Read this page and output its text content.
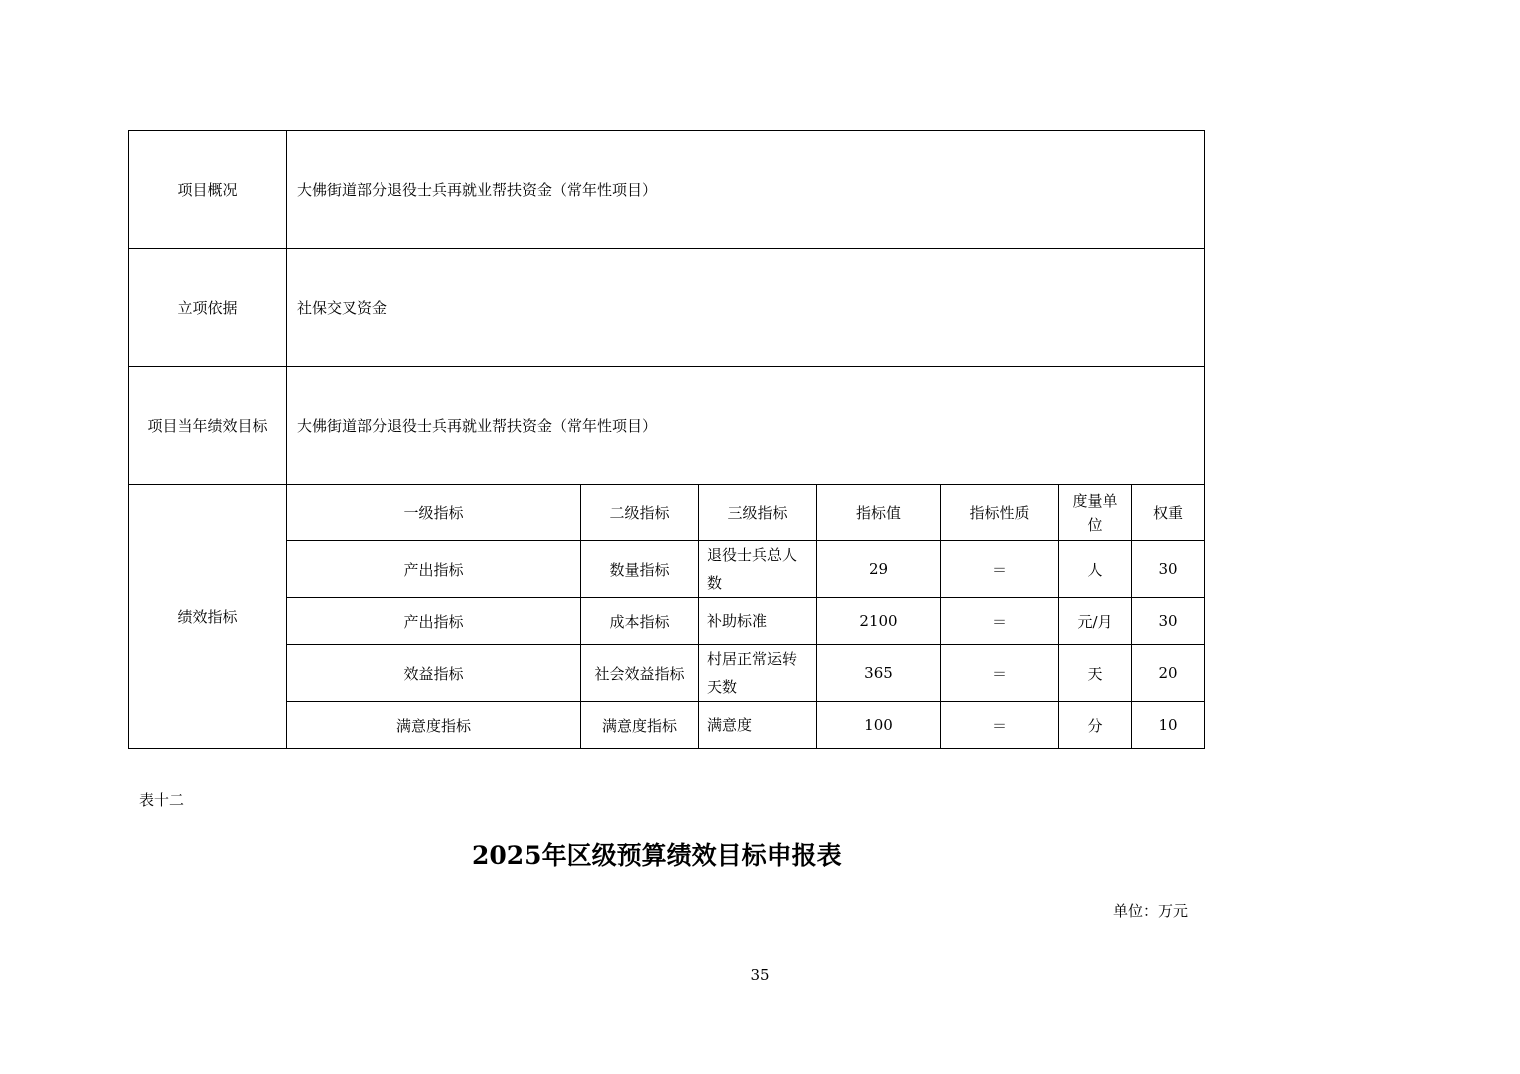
项目概况	大佛街道部分退役士兵再就业帮扶资金（常年性项目）						
立项依据	社保交叉资金						
项目当年绩效目标	大佛街道部分退役士兵再就业帮扶资金（常年性项目）						
绩效指标	一级指标	二级指标	三级指标	指标值	指标性质	度量单位	权重
	产出指标	数量指标	退役士兵总人数	29	＝	人	30
	产出指标	成本指标	补助标准	2100	＝	元/月	30
	效益指标	社会效益指标	村居正常运转天数	365	＝	天	20
	满意度指标	满意度指标	满意度	100	＝	分	10
表十二
2025年区级预算绩效目标申报表
单位：万元
35
